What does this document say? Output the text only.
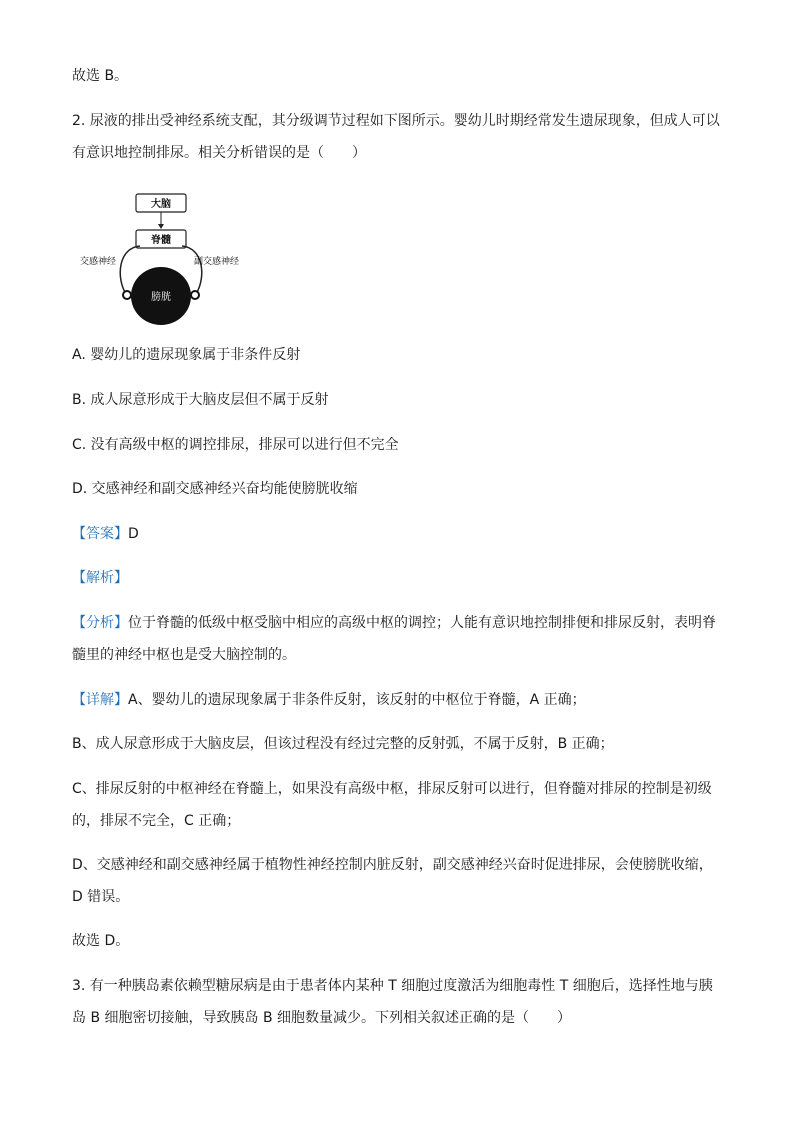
故选 B。
2. 尿液的排出受神经系统支配，其分级调节过程如下图所示。婴幼儿时期经常发生遗尿现象，但成人可以
有意识地控制排尿。相关分析错误的是（　　）
大脑
脊髓
交感神经	副交感神经
膀胱
A. 婴幼儿的遗尿现象属于非条件反射
B. 成人尿意形成于大脑皮层但不属于反射
C. 没有高级中枢的调控排尿，排尿可以进行但不完全
D. 交感神经和副交感神经兴奋均能使膀胱收缩
【答案】D
【解析】
【分析】位于脊髓的低级中枢受脑中相应的高级中枢的调控；人能有意识地控制排便和排尿反射，表明脊
髓里的神经中枢也是受大脑控制的。
【详解】A、婴幼儿的遗尿现象属于非条件反射，该反射的中枢位于脊髓，A 正确；
B、成人尿意形成于大脑皮层，但该过程没有经过完整的反射弧，不属于反射，B 正确；
C、排尿反射的中枢神经在脊髓上，如果没有高级中枢，排尿反射可以进行，但脊髓对排尿的控制是初级
的，排尿不完全，C 正确；
D、交感神经和副交感神经属于植物性神经控制内脏反射，副交感神经兴奋时促进排尿，会使膀胱收缩，
D 错误。
故选 D。
3. 有一种胰岛素依赖型糖尿病是由于患者体内某种 T 细胞过度激活为细胞毒性 T 细胞后，选择性地与胰
岛 B 细胞密切接触，导致胰岛 B 细胞数量减少。下列相关叙述正确的是（　　）
